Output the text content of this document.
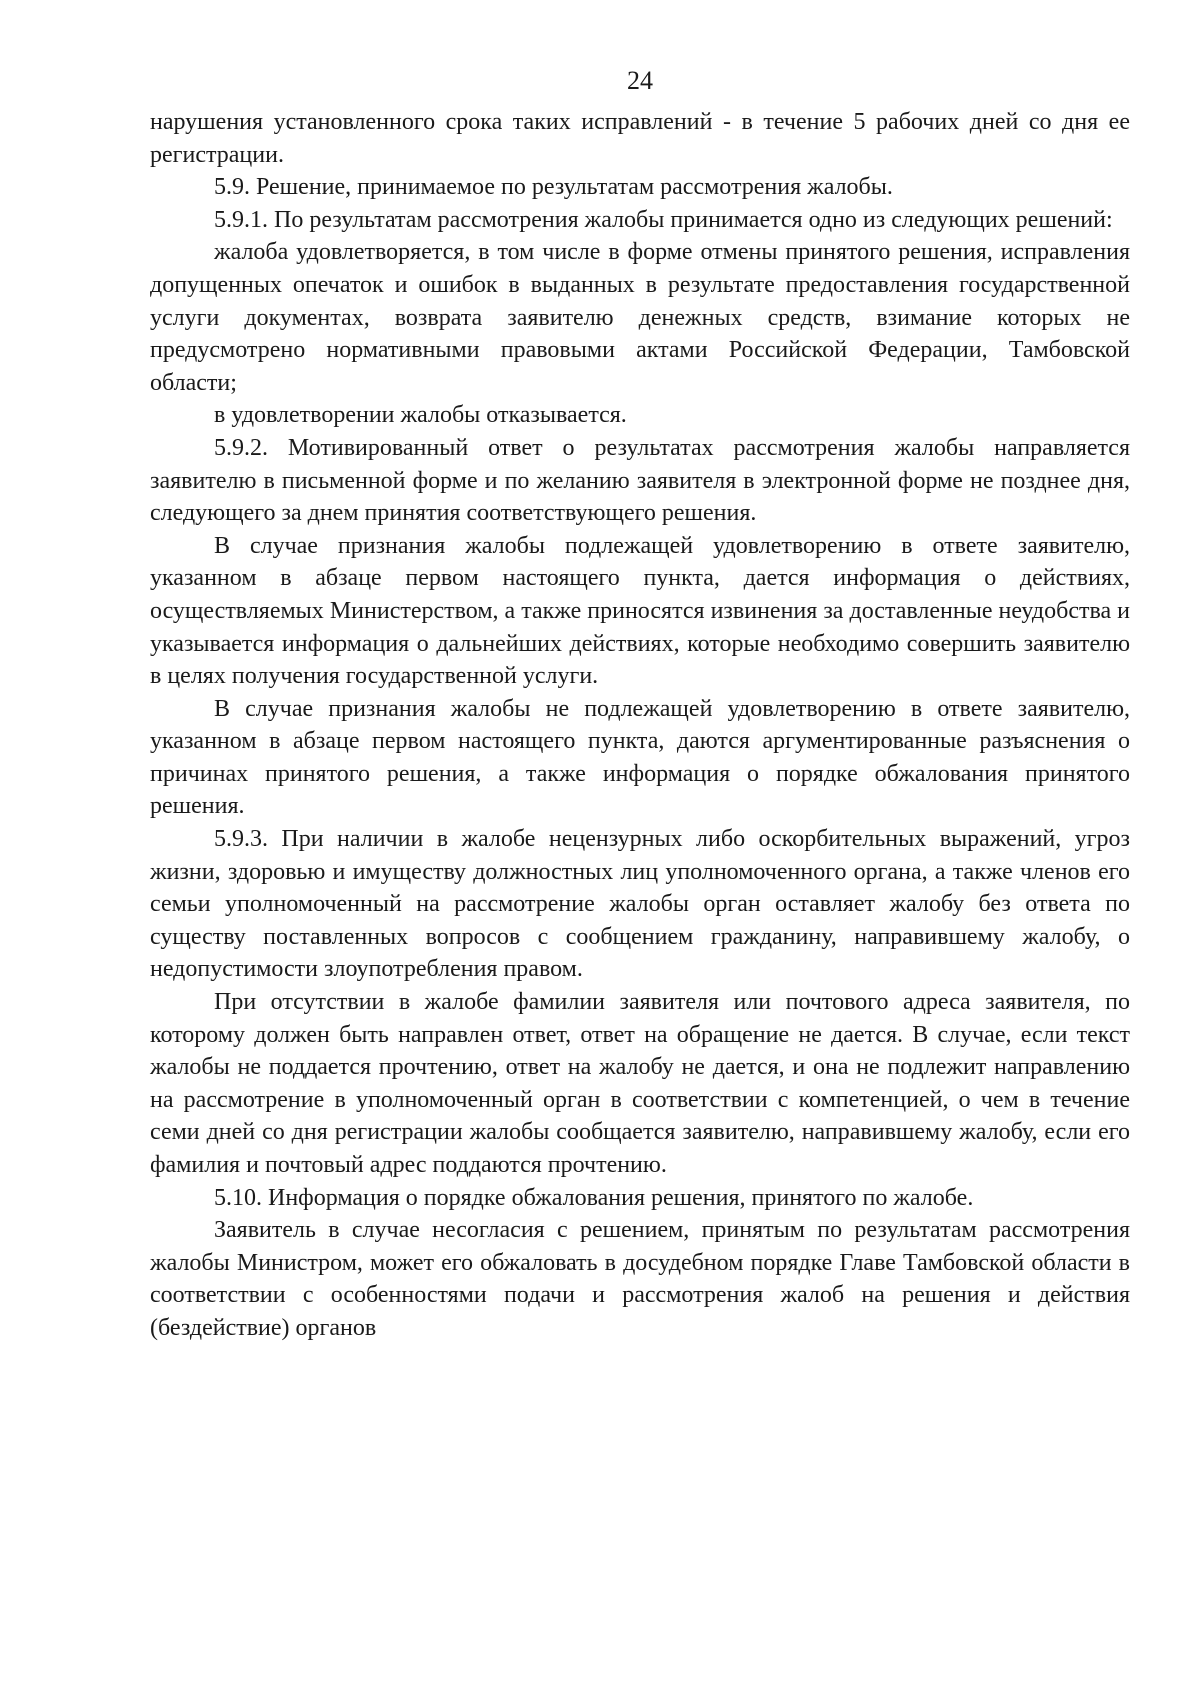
24

нарушения установленного срока таких исправлений - в течение 5 рабочих дней со дня ее регистрации.

5.9. Решение, принимаемое по результатам рассмотрения жалобы.

5.9.1. По результатам рассмотрения жалобы принимается одно из следующих решений:

жалоба удовлетворяется, в том числе в форме отмены принятого решения, исправления допущенных опечаток и ошибок в выданных в результате предоставления государственной услуги документах, возврата заявителю денежных средств, взимание которых не предусмотрено нормативными правовыми актами Российской Федерации, Тамбовской области;

в удовлетворении жалобы отказывается.

5.9.2. Мотивированный ответ о результатах рассмотрения жалобы направляется заявителю в письменной форме и по желанию заявителя в электронной форме не позднее дня, следующего за днем принятия соответствующего решения.

В случае признания жалобы подлежащей удовлетворению в ответе заявителю, указанном в абзаце первом настоящего пункта, дается информация о действиях, осуществляемых Министерством, а также приносятся извинения за доставленные неудобства и указывается информация о дальнейших действиях, которые необходимо совершить заявителю в целях получения государственной услуги.

В случае признания жалобы не подлежащей удовлетворению в ответе заявителю, указанном в абзаце первом настоящего пункта, даются аргументированные разъяснения о причинах принятого решения, а также информация о порядке обжалования принятого решения.

5.9.3. При наличии в жалобе нецензурных либо оскорбительных выражений, угроз жизни, здоровью и имуществу должностных лиц уполномоченного органа, а также членов его семьи уполномоченный на рассмотрение жалобы орган оставляет жалобу без ответа по существу поставленных вопросов с сообщением гражданину, направившему жалобу, о недопустимости злоупотребления правом.

При отсутствии в жалобе фамилии заявителя или почтового адреса заявителя, по которому должен быть направлен ответ, ответ на обращение не дается. В случае, если текст жалобы не поддается прочтению, ответ на жалобу не дается, и она не подлежит направлению на рассмотрение в уполномоченный орган в соответствии с компетенцией, о чем в течение семи дней со дня регистрации жалобы сообщается заявителю, направившему жалобу, если его фамилия и почтовый адрес поддаются прочтению.

5.10. Информация о порядке обжалования решения, принятого по жалобе.

Заявитель в случае несогласия с решением, принятым по результатам рассмотрения жалобы Министром, может его обжаловать в досудебном порядке Главе Тамбовской области в соответствии с особенностями подачи и рассмотрения жалоб на решения и действия (бездействие) органов
